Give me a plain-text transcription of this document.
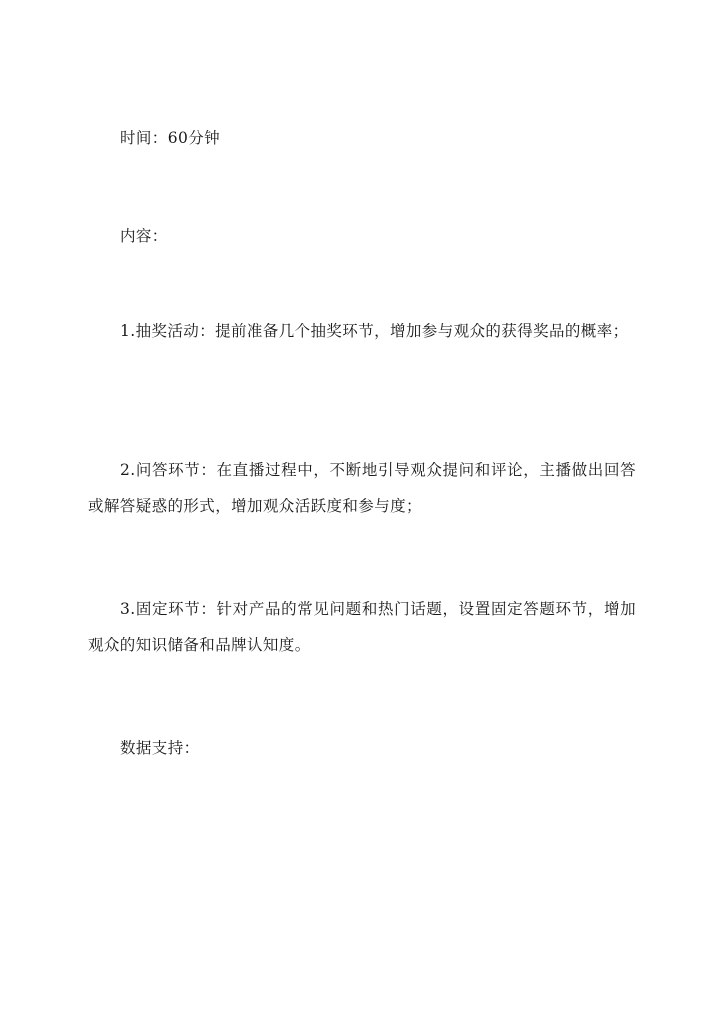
时间：60分钟

内容：

1.抽奖活动：提前准备几个抽奖环节，增加参与观众的获得奖品的概率；

2.问答环节：在直播过程中，不断地引导观众提问和评论，主播做出回答或解答疑惑的形式，增加观众活跃度和参与度；

3.固定环节：针对产品的常见问题和热门话题，设置固定答题环节，增加观众的知识储备和品牌认知度。

数据支持：
